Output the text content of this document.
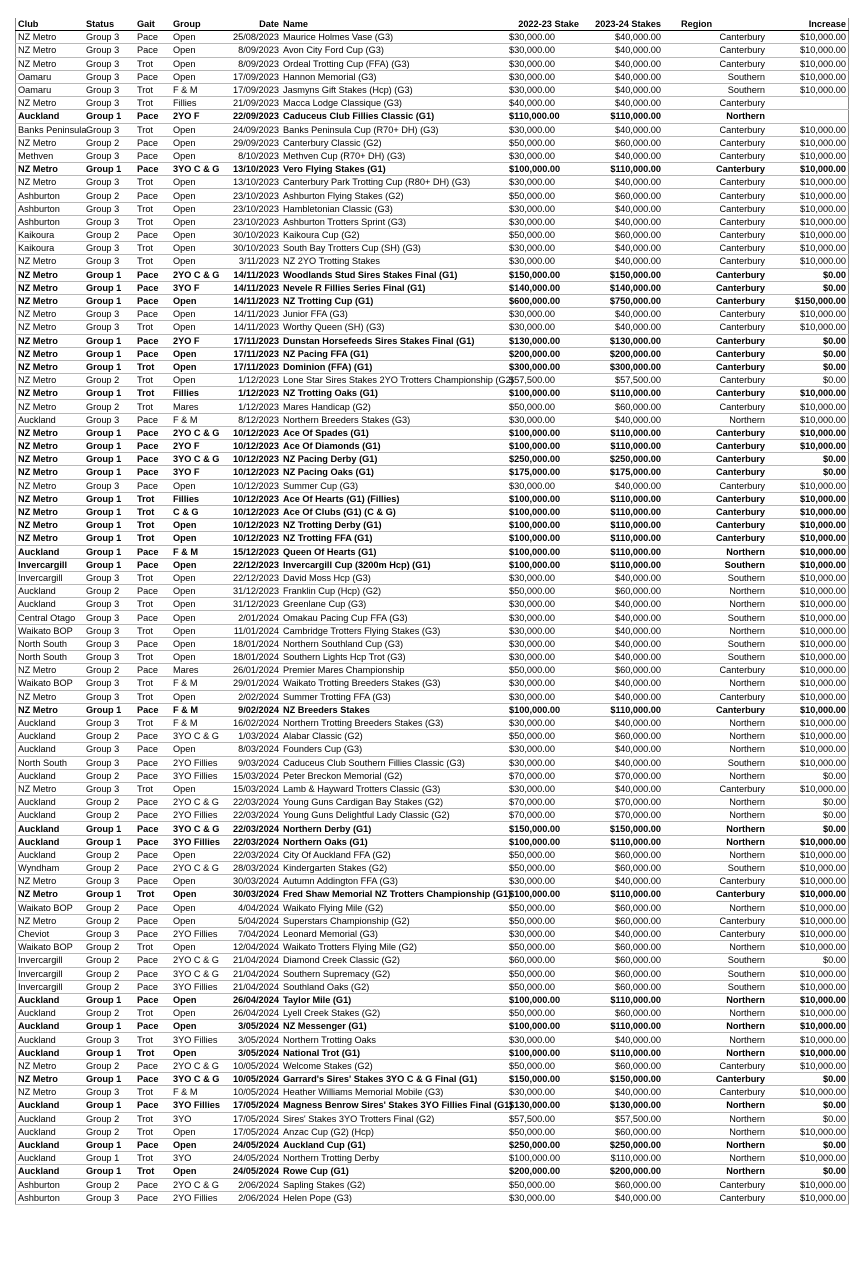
Club	Status	Gait	Group	Date	Name	2022-23 Stake	2023-24 Stakes	Region	Increase
NZ Metro	Group 3	Pace	Open	25/08/2023	Maurice Holmes Vase (G3)	$30,000.00	$40,000.00	Canterbury	$10,000.00
NZ Metro	Group 3	Pace	Open	8/09/2023	Avon City Ford Cup (G3)	$30,000.00	$40,000.00	Canterbury	$10,000.00
NZ Metro	Group 3	Trot	Open	8/09/2023	Ordeal Trotting Cup (FFA) (G3)	$30,000.00	$40,000.00	Canterbury	$10,000.00
Oamaru	Group 3	Pace	Open	17/09/2023	Hannon Memorial (G3)	$30,000.00	$40,000.00	Southern	$10,000.00
Oamaru	Group 3	Trot	F & M	17/09/2023	Jasmyns Gift Stakes (Hcp) (G3)	$30,000.00	$40,000.00	Southern	$10,000.00
NZ Metro	Group 3	Trot	Fillies	21/09/2023	Macca Lodge Classique (G3)	$40,000.00	$40,000.00	Canterbury	
Auckland	Group 1	Pace	2YO F	22/09/2023	Caduceus Club Fillies Classic (G1)	$110,000.00	$110,000.00	Northern	
Banks Peninsula	Group 3	Trot	Open	24/09/2023	Banks Peninsula Cup (R70+ DH) (G3)	$30,000.00	$40,000.00	Canterbury	$10,000.00
NZ Metro	Group 2	Pace	Open	29/09/2023	Canterbury Classic (G2)	$50,000.00	$60,000.00	Canterbury	$10,000.00
Methven	Group 3	Pace	Open	8/10/2023	Methven Cup (R70+ DH) (G3)	$30,000.00	$40,000.00	Canterbury	$10,000.00
NZ Metro	Group 1	Pace	3YO C & G	13/10/2023	Vero Flying Stakes (G1)	$100,000.00	$110,000.00	Canterbury	$10,000.00
NZ Metro	Group 3	Trot	Open	13/10/2023	Canterbury Park Trotting Cup (R80+ DH) (G3)	$30,000.00	$40,000.00	Canterbury	$10,000.00
Ashburton	Group 2	Pace	Open	23/10/2023	Ashburton Flying Stakes (G2)	$50,000.00	$60,000.00	Canterbury	$10,000.00
Ashburton	Group 3	Trot	Open	23/10/2023	Hambletonian Classic (G3)	$30,000.00	$40,000.00	Canterbury	$10,000.00
Ashburton	Group 3	Trot	Open	23/10/2023	Ashburton Trotters Sprint (G3)	$30,000.00	$40,000.00	Canterbury	$10,000.00
Kaikoura	Group 2	Pace	Open	30/10/2023	Kaikoura Cup (G2)	$50,000.00	$60,000.00	Canterbury	$10,000.00
Kaikoura	Group 3	Trot	Open	30/10/2023	South Bay Trotters Cup (SH) (G3)	$30,000.00	$40,000.00	Canterbury	$10,000.00
NZ Metro	Group 3	Trot	Open	3/11/2023	NZ 2YO Trotting Stakes	$30,000.00	$40,000.00	Canterbury	$10,000.00
NZ Metro	Group 1	Pace	2YO C & G	14/11/2023	Woodlands Stud Sires Stakes Final (G1)	$150,000.00	$150,000.00	Canterbury	$0.00
NZ Metro	Group 1	Pace	3YO F	14/11/2023	Nevele R Fillies Series Final (G1)	$140,000.00	$140,000.00	Canterbury	$0.00
NZ Metro	Group 1	Pace	Open	14/11/2023	NZ Trotting Cup (G1)	$600,000.00	$750,000.00	Canterbury	$150,000.00
NZ Metro	Group 3	Pace	Open	14/11/2023	Junior FFA (G3)	$30,000.00	$40,000.00	Canterbury	$10,000.00
NZ Metro	Group 3	Trot	Open	14/11/2023	Worthy Queen (SH) (G3)	$30,000.00	$40,000.00	Canterbury	$10,000.00
NZ Metro	Group 1	Pace	2YO F	17/11/2023	Dunstan Horsefeeds Sires Stakes Final (G1)	$130,000.00	$130,000.00	Canterbury	$0.00
NZ Metro	Group 1	Pace	Open	17/11/2023	NZ Pacing FFA (G1)	$200,000.00	$200,000.00	Canterbury	$0.00
NZ Metro	Group 1	Trot	Open	17/11/2023	Dominion (FFA) (G1)	$300,000.00	$300,000.00	Canterbury	$0.00
NZ Metro	Group 2	Trot	Open	1/12/2023	Lone Star Sires Stakes 2YO Trotters Championship (G2)	$57,500.00	$57,500.00	Canterbury	$0.00
NZ Metro	Group 1	Trot	Fillies	1/12/2023	NZ Trotting Oaks (G1)	$100,000.00	$110,000.00	Canterbury	$10,000.00
NZ Metro	Group 2	Trot	Mares	1/12/2023	Mares Handicap (G2)	$50,000.00	$60,000.00	Canterbury	$10,000.00
Auckland	Group 3	Pace	F & M	8/12/2023	Northern Breeders Stakes (G3)	$30,000.00	$40,000.00	Northern	$10,000.00
NZ Metro	Group 1	Pace	2YO C & G	10/12/2023	Ace Of Spades (G1)	$100,000.00	$110,000.00	Canterbury	$10,000.00
NZ Metro	Group 1	Pace	2YO F	10/12/2023	Ace Of Diamonds (G1)	$100,000.00	$110,000.00	Canterbury	$10,000.00
NZ Metro	Group 1	Pace	3YO C & G	10/12/2023	NZ Pacing Derby (G1)	$250,000.00	$250,000.00	Canterbury	$0.00
NZ Metro	Group 1	Pace	3YO F	10/12/2023	NZ Pacing Oaks (G1)	$175,000.00	$175,000.00	Canterbury	$0.00
NZ Metro	Group 3	Pace	Open	10/12/2023	Summer Cup (G3)	$30,000.00	$40,000.00	Canterbury	$10,000.00
NZ Metro	Group 1	Trot	Fillies	10/12/2023	Ace Of Hearts (G1) (Fillies)	$100,000.00	$110,000.00	Canterbury	$10,000.00
NZ Metro	Group 1	Trot	C & G	10/12/2023	Ace Of Clubs (G1) (C & G)	$100,000.00	$110,000.00	Canterbury	$10,000.00
NZ Metro	Group 1	Trot	Open	10/12/2023	NZ Trotting Derby (G1)	$100,000.00	$110,000.00	Canterbury	$10,000.00
NZ Metro	Group 1	Trot	Open	10/12/2023	NZ Trotting FFA (G1)	$100,000.00	$110,000.00	Canterbury	$10,000.00
Auckland	Group 1	Pace	F & M	15/12/2023	Queen Of Hearts (G1)	$100,000.00	$110,000.00	Northern	$10,000.00
Invercargill	Group 1	Pace	Open	22/12/2023	Invercargill Cup (3200m Hcp) (G1)	$100,000.00	$110,000.00	Southern	$10,000.00
Invercargill	Group 3	Trot	Open	22/12/2023	David Moss Hcp (G3)	$30,000.00	$40,000.00	Southern	$10,000.00
Auckland	Group 2	Pace	Open	31/12/2023	Franklin Cup (Hcp) (G2)	$50,000.00	$60,000.00	Northern	$10,000.00
Auckland	Group 3	Trot	Open	31/12/2023	Greenlane Cup (G3)	$30,000.00	$40,000.00	Northern	$10,000.00
Central Otago	Group 3	Pace	Open	2/01/2024	Omakau Pacing Cup FFA (G3)	$30,000.00	$40,000.00	Southern	$10,000.00
Waikato BOP	Group 3	Trot	Open	11/01/2024	Cambridge Trotters Flying Stakes (G3)	$30,000.00	$40,000.00	Northern	$10,000.00
North South	Group 3	Pace	Open	18/01/2024	Northern Southland Cup (G3)	$30,000.00	$40,000.00	Southern	$10,000.00
North South	Group 3	Trot	Open	18/01/2024	Southern Lights Hcp Trot (G3)	$30,000.00	$40,000.00	Southern	$10,000.00
NZ Metro	Group 2	Pace	Mares	26/01/2024	Premier Mares Championship	$50,000.00	$60,000.00	Canterbury	$10,000.00
Waikato BOP	Group 3	Trot	F & M	29/01/2024	Waikato Trotting Breeders Stakes (G3)	$30,000.00	$40,000.00	Northern	$10,000.00
NZ Metro	Group 3	Trot	Open	2/02/2024	Summer Trotting FFA (G3)	$30,000.00	$40,000.00	Canterbury	$10,000.00
NZ Metro	Group 1	Pace	F & M	9/02/2024	NZ Breeders Stakes	$100,000.00	$110,000.00	Canterbury	$10,000.00
Auckland	Group 3	Trot	F & M	16/02/2024	Northern Trotting Breeders Stakes (G3)	$30,000.00	$40,000.00	Northern	$10,000.00
Auckland	Group 2	Pace	3YO C & G	1/03/2024	Alabar Classic (G2)	$50,000.00	$60,000.00	Northern	$10,000.00
Auckland	Group 3	Pace	Open	8/03/2024	Founders Cup (G3)	$30,000.00	$40,000.00	Northern	$10,000.00
North South	Group 3	Pace	2YO Fillies	9/03/2024	Caduceus Club Southern Fillies Classic (G3)	$30,000.00	$40,000.00	Southern	$10,000.00
Auckland	Group 2	Pace	3YO Fillies	15/03/2024	Peter Breckon Memorial (G2)	$70,000.00	$70,000.00	Northern	$0.00
NZ Metro	Group 3	Trot	Open	15/03/2024	Lamb & Hayward Trotters Classic (G3)	$30,000.00	$40,000.00	Canterbury	$10,000.00
Auckland	Group 2	Pace	2YO C & G	22/03/2024	Young Guns Cardigan Bay Stakes (G2)	$70,000.00	$70,000.00	Northern	$0.00
Auckland	Group 2	Pace	2YO Fillies	22/03/2024	Young Guns Delightful Lady Classic (G2)	$70,000.00	$70,000.00	Northern	$0.00
Auckland	Group 1	Pace	3YO C & G	22/03/2024	Northern Derby (G1)	$150,000.00	$150,000.00	Northern	$0.00
Auckland	Group 1	Pace	3YO Fillies	22/03/2024	Northern Oaks (G1)	$100,000.00	$110,000.00	Northern	$10,000.00
Auckland	Group 2	Pace	Open	22/03/2024	City Of Auckland FFA (G2)	$50,000.00	$60,000.00	Northern	$10,000.00
Wyndham	Group 2	Pace	2YO C & G	28/03/2024	Kindergarten Stakes (G2)	$50,000.00	$60,000.00	Southern	$10,000.00
NZ Metro	Group 3	Pace	Open	30/03/2024	Autumn Addington FFA (G3)	$30,000.00	$40,000.00	Canterbury	$10,000.00
NZ Metro	Group 1	Trot	Open	30/03/2024	Fred Shaw Memorial NZ Trotters Championship (G1)	$100,000.00	$110,000.00	Canterbury	$10,000.00
Waikato BOP	Group 2	Pace	Open	4/04/2024	Waikato Flying Mile (G2)	$50,000.00	$60,000.00	Northern	$10,000.00
NZ Metro	Group 2	Pace	Open	5/04/2024	Superstars Championship (G2)	$50,000.00	$60,000.00	Canterbury	$10,000.00
Cheviot	Group 3	Pace	2YO Fillies	7/04/2024	Leonard Memorial (G3)	$30,000.00	$40,000.00	Canterbury	$10,000.00
Waikato BOP	Group 2	Trot	Open	12/04/2024	Waikato Trotters Flying Mile (G2)	$50,000.00	$60,000.00	Northern	$10,000.00
Invercargill	Group 2	Pace	2YO C & G	21/04/2024	Diamond Creek Classic (G2)	$60,000.00	$60,000.00	Southern	$0.00
Invercargill	Group 2	Pace	3YO C & G	21/04/2024	Southern Supremacy (G2)	$50,000.00	$60,000.00	Southern	$10,000.00
Invercargill	Group 2	Pace	3YO Fillies	21/04/2024	Southland Oaks (G2)	$50,000.00	$60,000.00	Southern	$10,000.00
Auckland	Group 1	Pace	Open	26/04/2024	Taylor Mile (G1)	$100,000.00	$110,000.00	Northern	$10,000.00
Auckland	Group 2	Trot	Open	26/04/2024	Lyell Creek Stakes (G2)	$50,000.00	$60,000.00	Northern	$10,000.00
Auckland	Group 1	Pace	Open	3/05/2024	NZ Messenger (G1)	$100,000.00	$110,000.00	Northern	$10,000.00
Auckland	Group 3	Trot	3YO Fillies	3/05/2024	Northern Trotting Oaks	$30,000.00	$40,000.00	Northern	$10,000.00
Auckland	Group 1	Trot	Open	3/05/2024	National Trot (G1)	$100,000.00	$110,000.00	Northern	$10,000.00
NZ Metro	Group 2	Pace	2YO C & G	10/05/2024	Welcome Stakes (G2)	$50,000.00	$60,000.00	Canterbury	$10,000.00
NZ Metro	Group 1	Pace	3YO C & G	10/05/2024	Garrard's Sires' Stakes 3YO C & G Final (G1)	$150,000.00	$150,000.00	Canterbury	$0.00
NZ Metro	Group 3	Trot	F & M	10/05/2024	Heather Williams Memorial Mobile (G3)	$30,000.00	$40,000.00	Canterbury	$10,000.00
Auckland	Group 1	Pace	3YO Fillies	17/05/2024	Magness Benrow Sires' Stakes 3YO Fillies Final (G1)	$130,000.00	$130,000.00	Northern	$0.00
Auckland	Group 2	Trot	3YO	17/05/2024	Sires' Stakes 3YO Trotters Final (G2)	$57,500.00	$57,500.00	Northern	$0.00
Auckland	Group 2	Trot	Open	17/05/2024	Anzac Cup (G2) (Hcp)	$50,000.00	$60,000.00	Northern	$10,000.00
Auckland	Group 1	Pace	Open	24/05/2024	Auckland Cup (G1)	$250,000.00	$250,000.00	Northern	$0.00
Auckland	Group 1	Trot	3YO	24/05/2024	Northern Trotting Derby	$100,000.00	$110,000.00	Northern	$10,000.00
Auckland	Group 1	Trot	Open	24/05/2024	Rowe Cup (G1)	$200,000.00	$200,000.00	Northern	$0.00
Ashburton	Group 2	Pace	2YO C & G	2/06/2024	Sapling Stakes (G2)	$50,000.00	$60,000.00	Canterbury	$10,000.00
Ashburton	Group 3	Pace	2YO Fillies	2/06/2024	Helen Pope (G3)	$30,000.00	$40,000.00	Canterbury	$10,000.00
